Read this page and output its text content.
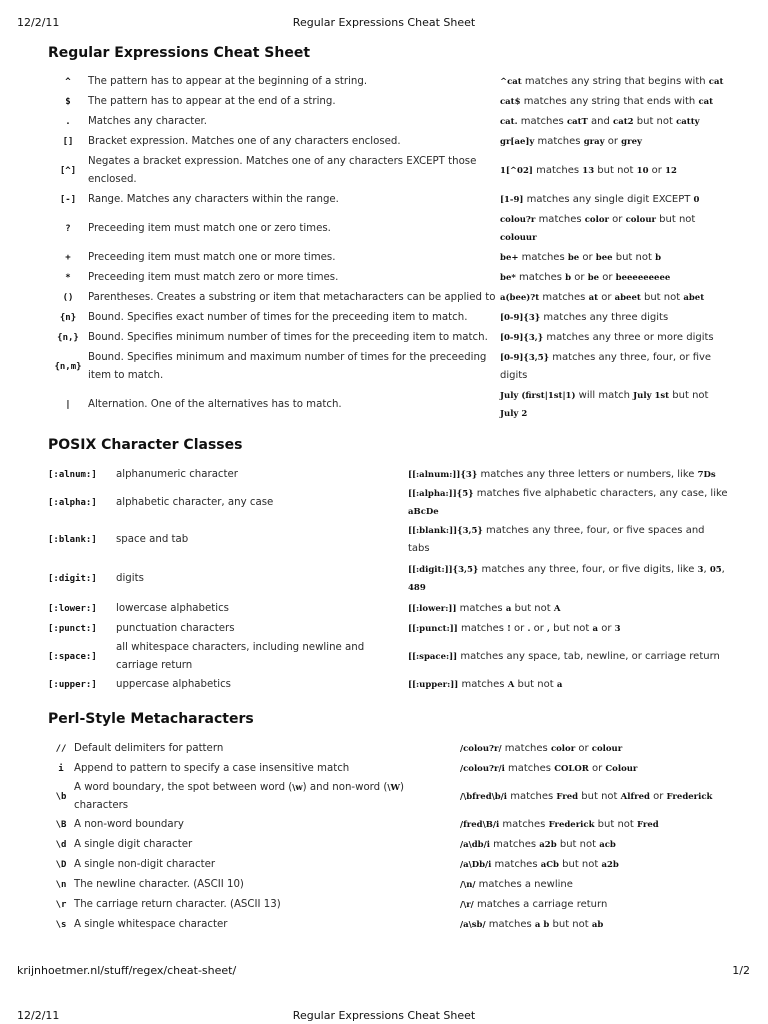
12/2/11	Regular Expressions Cheat Sheet
Regular Expressions Cheat Sheet
^	The pattern has to appear at the beginning of a string.	^cat matches any string that begins with cat
$	The pattern has to appear at the end of a string.	cat$ matches any string that ends with cat
.	Matches any character.	cat. matches catT and cat2 but not catty
[]	Bracket expression. Matches one of any characters enclosed.	gr[ae]y matches gray or grey
[^]	Negates a bracket expression. Matches one of any characters EXCEPT those enclosed.	1[^02] matches 13 but not 10 or 12
[-]	Range. Matches any characters within the range.	[1-9] matches any single digit EXCEPT 0
?	Preceeding item must match one or zero times.	colou?r matches color or colour but not colouur
+	Preceeding item must match one or more times.	be+ matches be or bee but not b
*	Preceeding item must match zero or more times.	be* matches b or be or beeeeeeeee
()	Parentheses. Creates a substring or item that metacharacters can be applied to	a(bee)?t matches at or abeet but not abet
{n}	Bound. Specifies exact number of times for the preceeding item to match.	[0-9]{3} matches any three digits
{n,}	Bound. Specifies minimum number of times for the preceeding item to match.	[0-9]{3,} matches any three or more digits
{n,m}	Bound. Specifies minimum and maximum number of times for the preceeding item to match.	[0-9]{3,5} matches any three, four, or five digits
|	Alternation. One of the alternatives has to match.	July (first|1st|1) will match July 1st but not July 2
POSIX Character Classes
[:alnum:]	alphanumeric character	[[:alnum:]]{3} matches any three letters or numbers, like 7Ds
[:alpha:]	alphabetic character, any case	[[:alpha:]]{5} matches five alphabetic characters, any case, like aBcDe
[:blank:]	space and tab	[[:blank:]]{3,5} matches any three, four, or five spaces and tabs
[:digit:]	digits	[[:digit:]]{3,5} matches any three, four, or five digits, like 3, 05, 489
[:lower:]	lowercase alphabetics	[[:lower:]] matches a but not A
[:punct:]	punctuation characters	[[:punct:]] matches ! or . or , but not a or 3
[:space:]	all whitespace characters, including newline and carriage return	[[:space:]] matches any space, tab, newline, or carriage return
[:upper:]	uppercase alphabetics	[[:upper:]] matches A but not a
Perl-Style Metacharacters
//	Default delimiters for pattern	/colou?r/ matches color or colour
i	Append to pattern to specify a case insensitive match	/colou?r/i matches COLOR or Colour
\b	A word boundary, the spot between word (\w) and non-word (\W) characters	/\bfred\b/i matches Fred but not Alfred or Frederick
\B	A non-word boundary	/fred\B/i matches Frederick but not Fred
\d	A single digit character	/a\db/i matches a2b but not acb
\D	A single non-digit character	/a\Db/i matches aCb but not a2b
\n	The newline character. (ASCII 10)	/\n/ matches a newline
\r	The carriage return character. (ASCII 13)	/\r/ matches a carriage return
\s	A single whitespace character	/a\sb/ matches a b but not ab
krijnhoetmer.nl/stuff/regex/cheat-sheet/	1/2
12/2/11	Regular Expressions Cheat Sheet
